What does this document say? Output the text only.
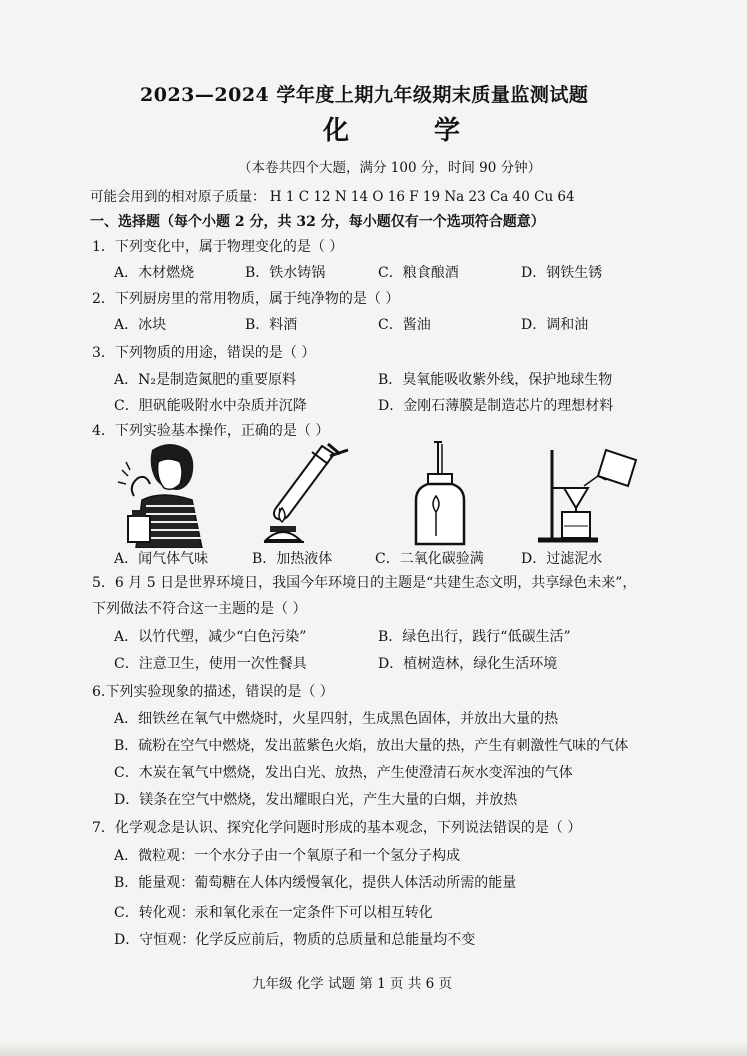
2023—2024 学年度上期九年级期末质量监测试题
化 学
（本卷共四个大题，满分 100 分，时间 90 分钟）
可能会用到的相对原子质量： H 1 C 12 N 14 O 16 F 19 Na 23 Ca 40 Cu 64
一、选择题（每个小题 2 分，共 32 分，每小题仅有一个选项符合题意）
1．下列变化中，属于物理变化的是（ ）
A．木材燃烧	B．铁水铸锅	C．粮食酿酒	D．钢铁生锈
2．下列厨房里的常用物质，属于纯净物的是（ ）
A．冰块	B．料酒	C．酱油	D．调和油
3．下列物质的用途，错误的是（ ）
A．N₂是制造氮肥的重要原料	B．臭氧能吸收紫外线，保护地球生物
C．胆矾能吸附水中杂质并沉降	D．金刚石薄膜是制造芯片的理想材料
4．下列实验基本操作，正确的是（ ）
A．闻气体气味	B．加热液体	C．二氧化碳验满	D．过滤泥水
5．6 月 5 日是世界环境日，我国今年环境日的主题是“共建生态文明，共享绿色未来”，
下列做法不符合这一主题的是（ ）
A．以竹代塑，减少“白色污染”	B．绿色出行，践行“低碳生活”
C．注意卫生，使用一次性餐具	D．植树造林，绿化生活环境
6.下列实验现象的描述，错误的是（ ）
A．细铁丝在氧气中燃烧时，火星四射，生成黑色固体，并放出大量的热
B．硫粉在空气中燃烧，发出蓝紫色火焰，放出大量的热，产生有刺激性气味的气体
C．木炭在氧气中燃烧，发出白光、放热，产生使澄清石灰水变浑浊的气体
D．镁条在空气中燃烧，发出耀眼白光，产生大量的白烟，并放热
7．化学观念是认识、探究化学问题时形成的基本观念，下列说法错误的是（ ）
A．微粒观：一个水分子由一个氧原子和一个氢分子构成
B．能量观：葡萄糖在人体内缓慢氧化，提供人体活动所需的能量
C．转化观：汞和氧化汞在一定条件下可以相互转化
D．守恒观：化学反应前后，物质的总质量和总能量均不变
九年级 化学 试题 第 1 页 共 6 页
